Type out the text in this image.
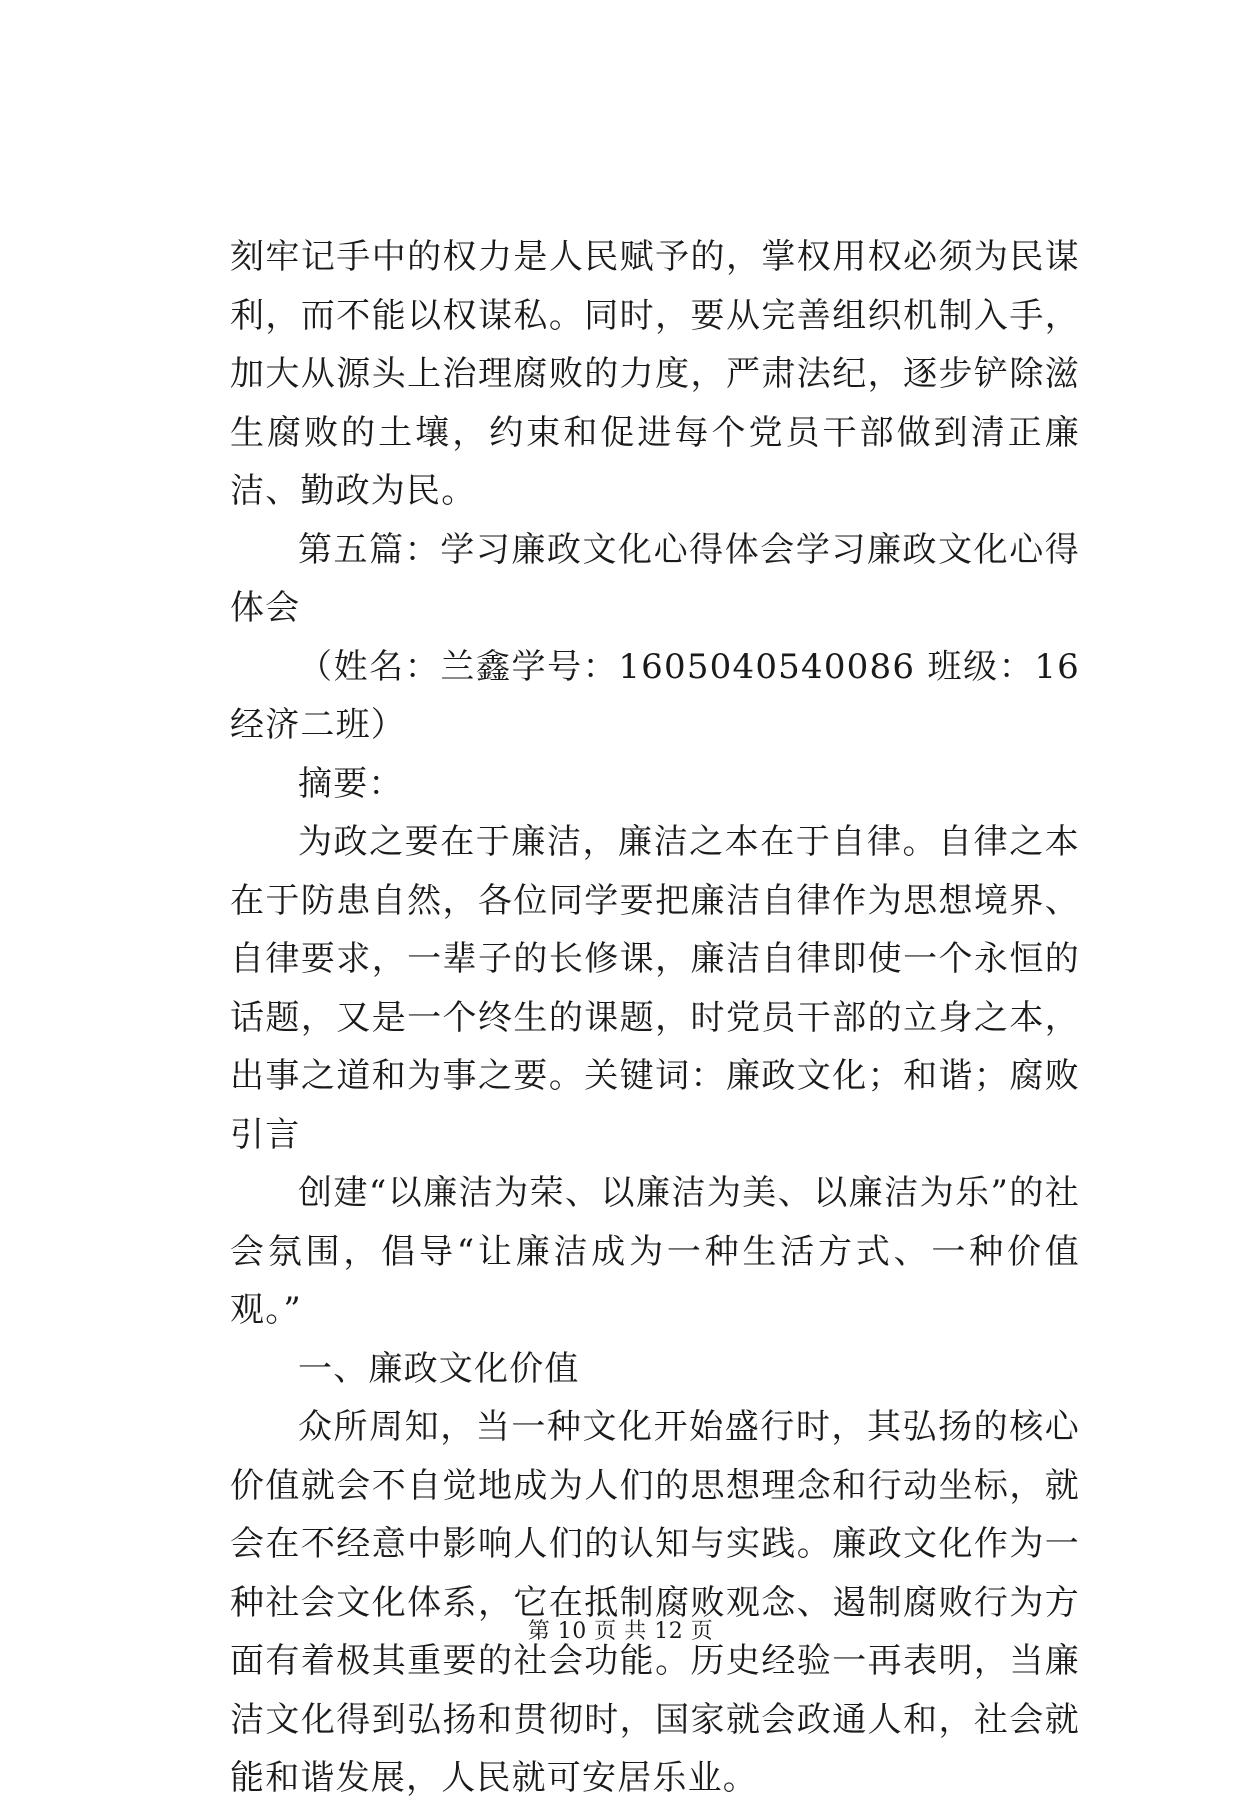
刻牢记手中的权力是人民赋予的，掌权用权必须为民谋利，而不能以权谋私。同时，要从完善组织机制入手，加大从源头上治理腐败的力度，严肃法纪，逐步铲除滋生腐败的土壤，约束和促进每个党员干部做到清正廉洁、勤政为民。

第五篇：学习廉政文化心得体会学习廉政文化心得体会

（姓名：兰鑫学号：1605040540086 班级：16 经济二班）

摘要：

为政之要在于廉洁，廉洁之本在于自律。自律之本在于防患自然，各位同学要把廉洁自律作为思想境界、自律要求，一辈子的长修课，廉洁自律即使一个永恒的话题，又是一个终生的课题，时党员干部的立身之本，出事之道和为事之要。关键词：廉政文化；和谐；腐败引言

创建“以廉洁为荣、以廉洁为美、以廉洁为乐”的社会氛围，倡导“让廉洁成为一种生活方式、一种价值观。”

一、廉政文化价值

众所周知，当一种文化开始盛行时，其弘扬的核心价值就会不自觉地成为人们的思想理念和行动坐标，就会在不经意中影响人们的认知与实践。廉政文化作为一种社会文化体系，它在抵制腐败观念、遏制腐败行为方面有着极其重要的社会功能。历史经验一再表明，当廉洁文化得到弘扬和贯彻时，国家就会政通人和，社会就能和谐发展，人民就可安居乐业。

第 10 页 共 12 页
